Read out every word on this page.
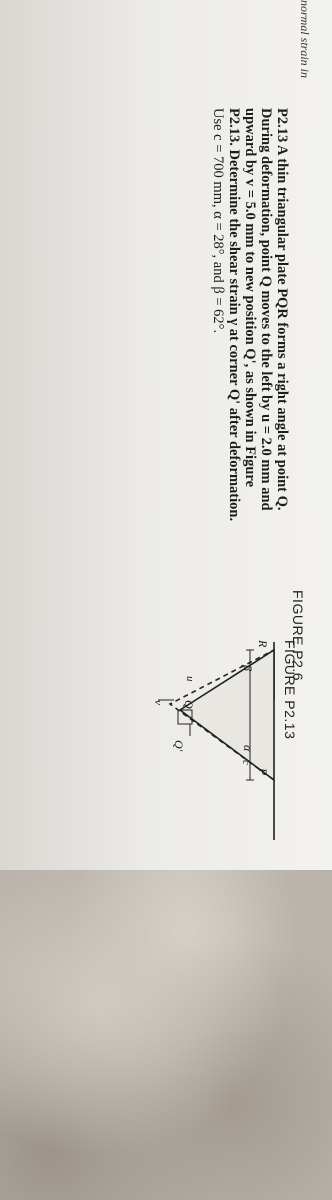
normal strain in
FIGURE P2.6
P2.13 A thin triangular plate PQR forms a right angle at point Q.
During deformation, point Q moves to the left by u = 2.0 mm and
upward by v = 5.0 mm to new position Q', as shown in Figure
P2.13. Determine the shear strain γ at corner Q' after deformation.
Use c = 700 mm, α = 28°, and β = 62°.
P
R
Q
Q'	α
β
u
v
c
FIGURE P2.13
